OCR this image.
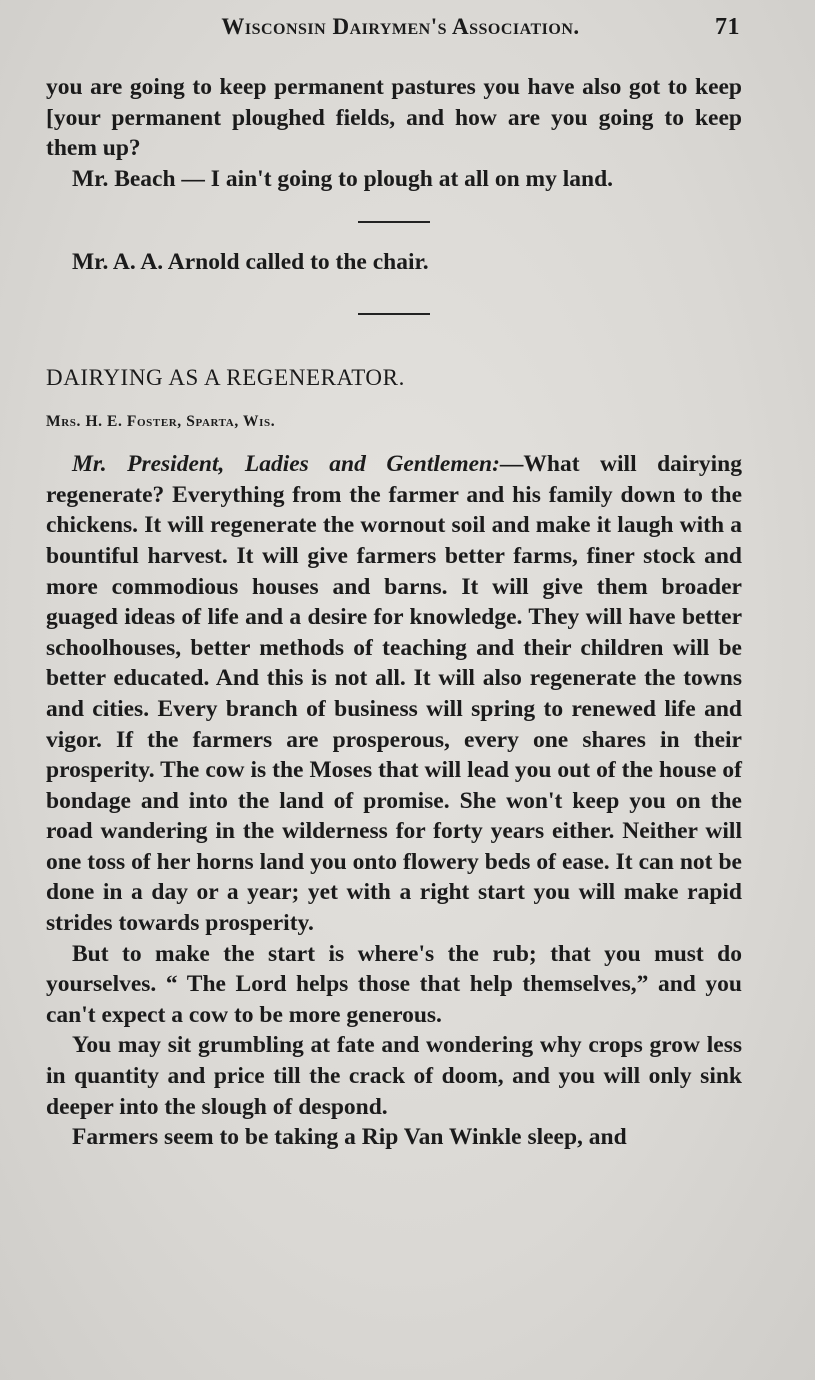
Wisconsin Dairymen's Association.	71

you are going to keep permanent pastures you have also got to keep [your permanent ploughed fields, and how are you going to keep them up?

Mr. Beach — I ain't going to plough at all on my land.

Mr. A. A. Arnold called to the chair.

DAIRYING AS A REGENERATOR.

Mrs. H. E. Foster, Sparta, Wis.

Mr. President, Ladies and Gentlemen:—What will dairying regenerate? Everything from the farmer and his family down to the chickens. It will regenerate the wornout soil and make it laugh with a bountiful harvest. It will give farmers better farms, finer stock and more commodious houses and barns. It will give them broader guaged ideas of life and a desire for knowledge. They will have better schoolhouses, better methods of teaching and their children will be better educated. And this is not all. It will also regenerate the towns and cities. Every branch of business will spring to renewed life and vigor. If the farmers are prosperous, every one shares in their prosperity. The cow is the Moses that will lead you out of the house of bondage and into the land of promise. She won't keep you on the road wandering in the wilderness for forty years either. Neither will one toss of her horns land you onto flowery beds of ease. It can not be done in a day or a year; yet with a right start you will make rapid strides towards prosperity.

But to make the start is where's the rub; that you must do yourselves. “ The Lord helps those that help themselves,” and you can't expect a cow to be more generous.

You may sit grumbling at fate and wondering why crops grow less in quantity and price till the crack of doom, and you will only sink deeper into the slough of despond.

Farmers seem to be taking a Rip Van Winkle sleep, and
